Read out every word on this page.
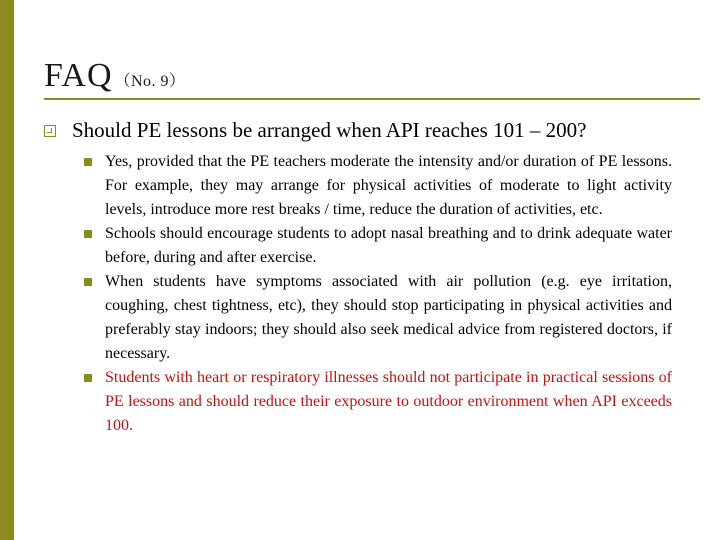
FAQ （No. 9）
Should PE lessons be arranged when API reaches 101 – 200?
Yes, provided that the PE teachers moderate the intensity and/or duration of PE lessons. For example, they may arrange for physical activities of moderate to light activity levels, introduce more rest breaks / time, reduce the duration of activities, etc.
Schools should encourage students to adopt nasal breathing and to drink adequate water before, during and after exercise.
When students have symptoms associated with air pollution (e.g. eye irritation, coughing, chest tightness, etc), they should stop participating in physical activities and preferably stay indoors; they should also seek medical advice from registered doctors, if necessary.
Students with heart or respiratory illnesses should not participate in practical sessions of PE lessons and should reduce their exposure to outdoor environment when API exceeds 100.
